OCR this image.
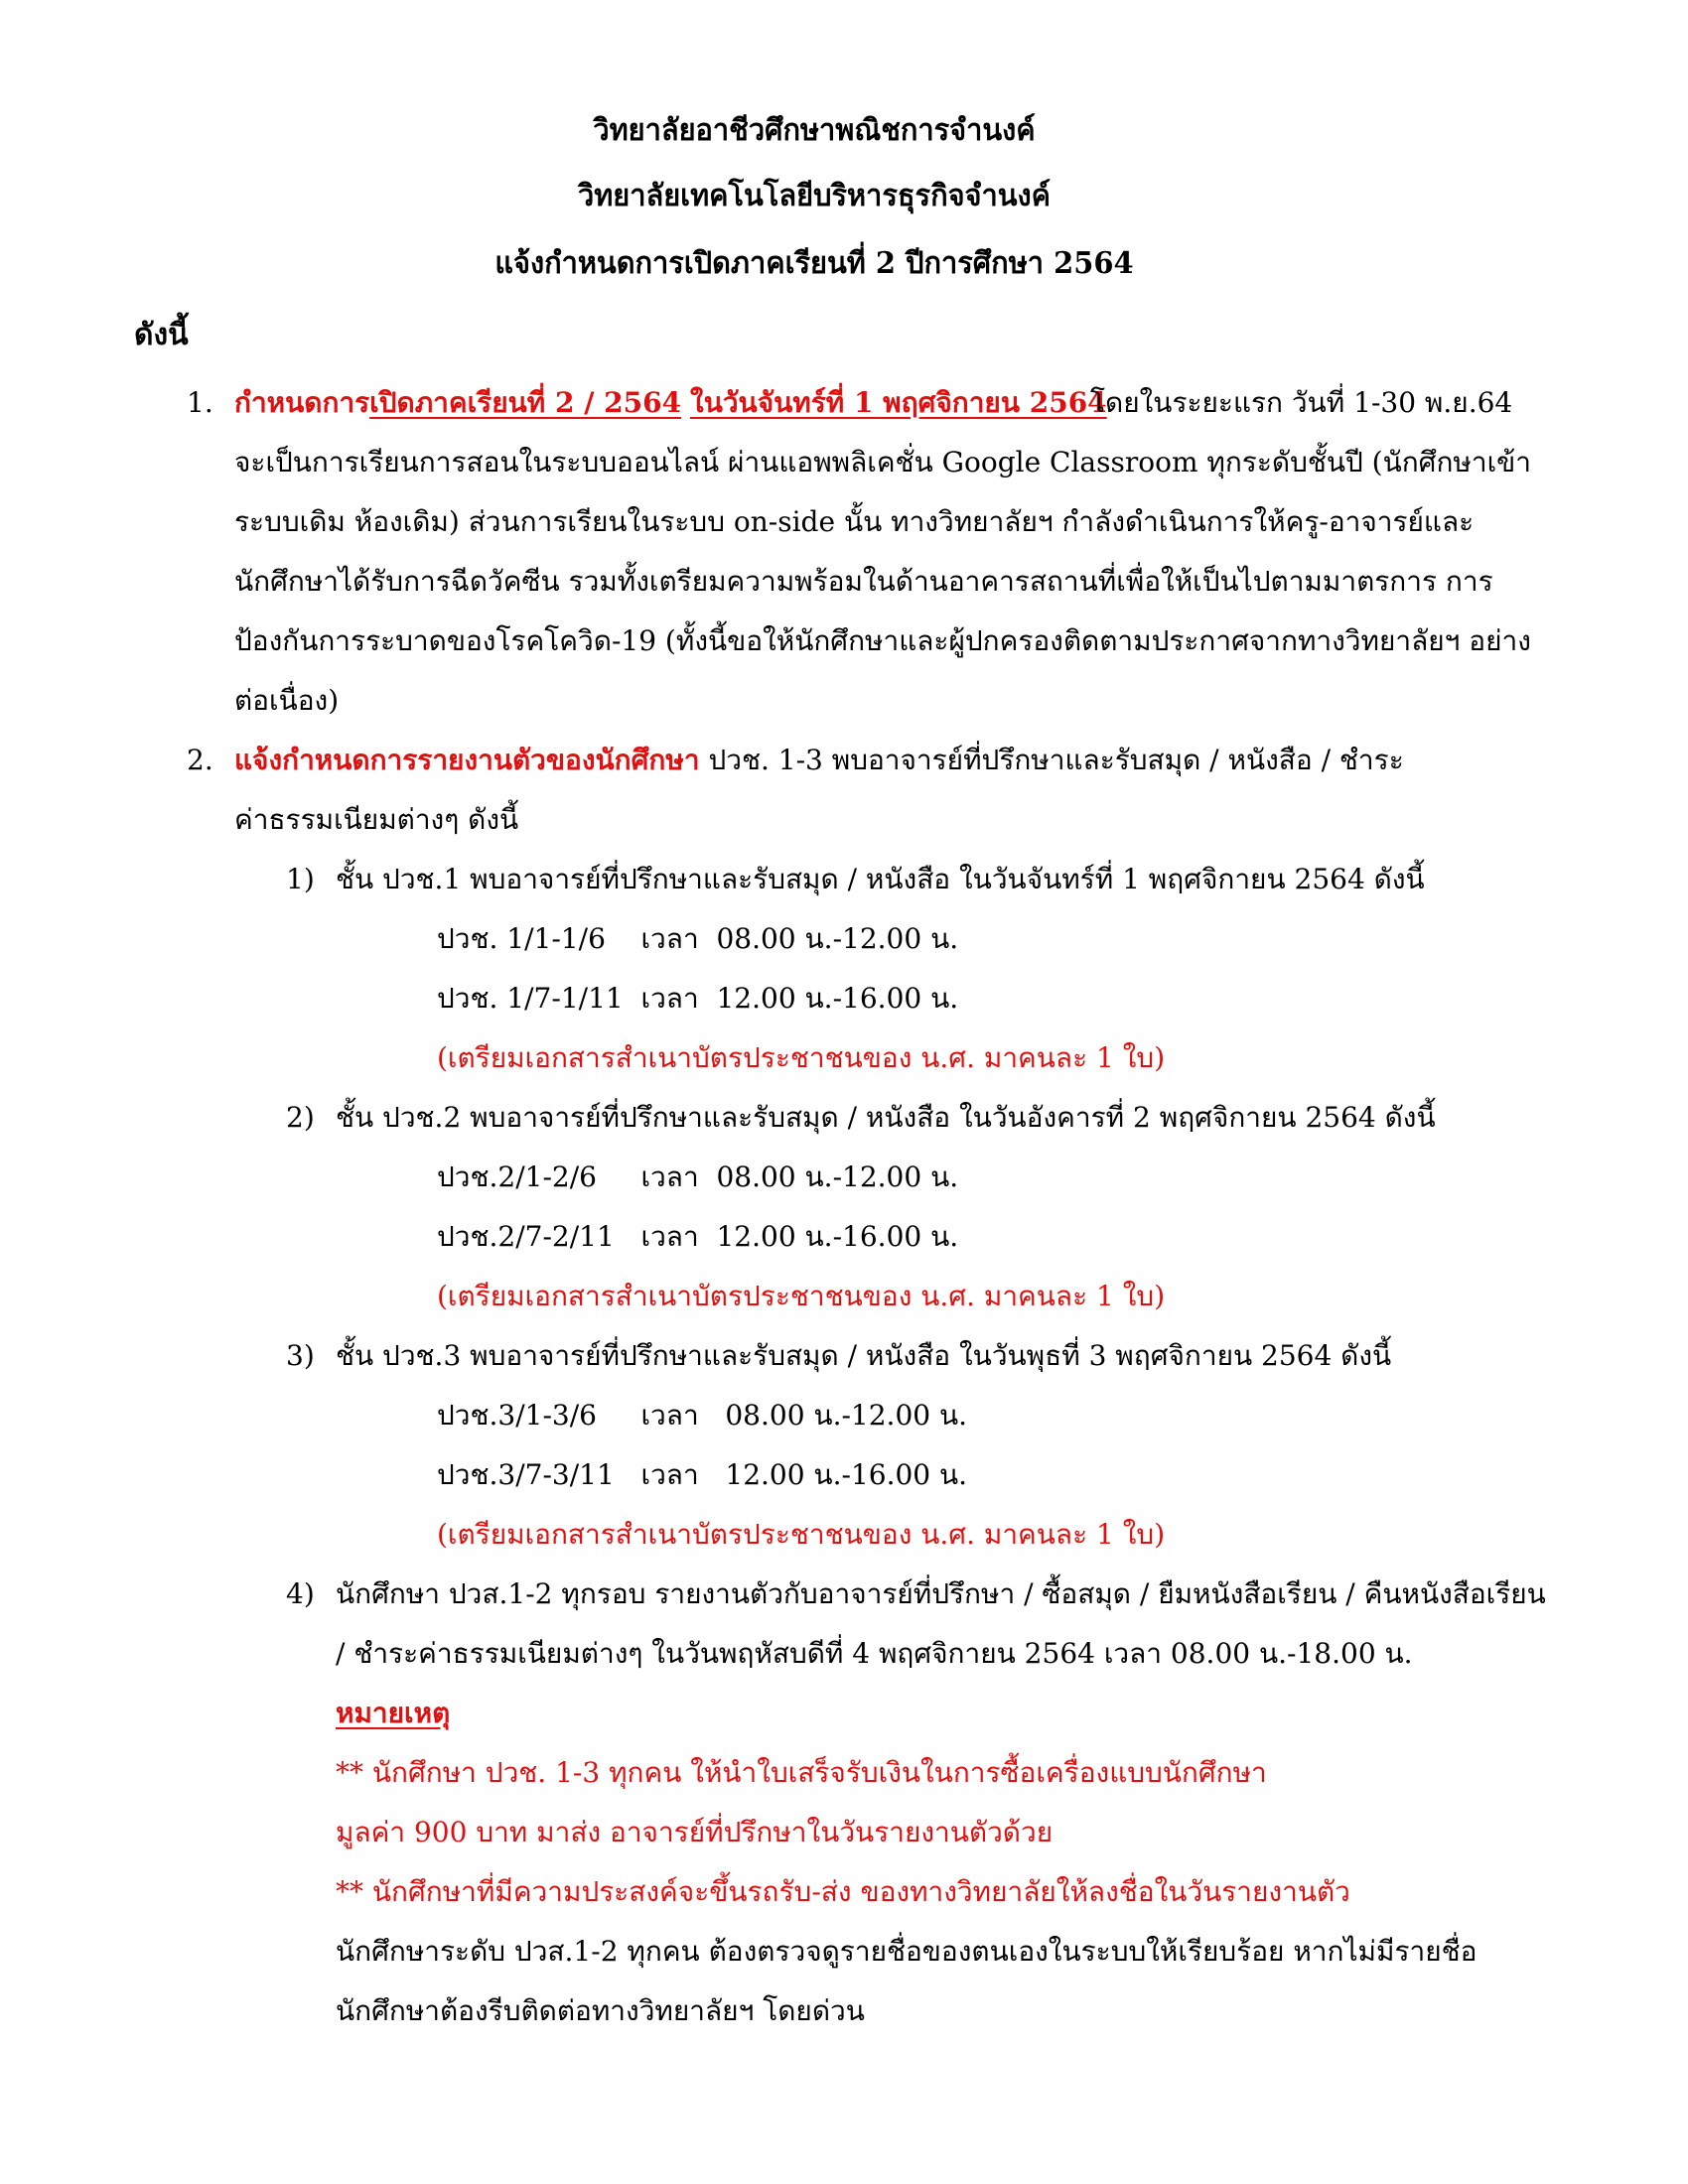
วิทยาลัยอาชีวศึกษาพณิชการจำนงค์
วิทยาลัยเทคโนโลยีบริหารธุรกิจจำนงค์
แจ้งกำหนดการเปิดภาคเรียนที่ 2 ปีการศึกษา 2564
ดังนี้
1. กำหนดการเปิดภาคเรียนที่ 2 / 2564 ในวันจันทร์ที่ 1 พฤศจิกายน 2564
โดยในระยะแรก วันที่ 1-30 พ.ย.64
จะเป็นการเรียนการสอนในระบบออนไลน์ ผ่านแอพพลิเคชั่น Google Classroom ทุกระดับชั้นปี (นักศึกษาเข้า
ระบบเดิม ห้องเดิม) ส่วนการเรียนในระบบ on-side นั้น ทางวิทยาลัยฯ กำลังดำเนินการให้ครู-อาจารย์และ
นักศึกษาได้รับการฉีดวัคซีน รวมทั้งเตรียมความพร้อมในด้านอาคารสถานที่เพื่อให้เป็นไปตามมาตรการ การ
ป้องกันการระบาดของโรคโควิด-19 (ทั้งนี้ขอให้นักศึกษาและผู้ปกครองติดตามประกาศจากทางวิทยาลัยฯ อย่าง
ต่อเนื่อง)
2. แจ้งกำหนดการรายงานตัวของนักศึกษา ปวช. 1-3 พบอาจารย์ที่ปรึกษาและรับสมุด / หนังสือ / ชำระ
ค่าธรรมเนียมต่างๆ ดังนี้
1) ชั้น ปวช.1 พบอาจารย์ที่ปรึกษาและรับสมุด / หนังสือ ในวันจันทร์ที่ 1 พฤศจิกายน 2564 ดังนี้
ปวช. 1/1-1/6    เวลา  08.00 น.-12.00 น.
ปวช. 1/7-1/11  เวลา  12.00 น.-16.00 น.
(เตรียมเอกสารสำเนาบัตรประชาชนของ น.ศ. มาคนละ 1 ใบ)
2) ชั้น ปวช.2 พบอาจารย์ที่ปรึกษาและรับสมุด / หนังสือ ในวันอังคารที่ 2 พฤศจิกายน 2564 ดังนี้
ปวช.2/1-2/6     เวลา  08.00 น.-12.00 น.
ปวช.2/7-2/11   เวลา  12.00 น.-16.00 น.
(เตรียมเอกสารสำเนาบัตรประชาชนของ น.ศ. มาคนละ 1 ใบ)
3) ชั้น ปวช.3 พบอาจารย์ที่ปรึกษาและรับสมุด / หนังสือ ในวันพุธที่ 3 พฤศจิกายน 2564 ดังนี้
ปวช.3/1-3/6     เวลา   08.00 น.-12.00 น.
ปวช.3/7-3/11   เวลา   12.00 น.-16.00 น.
(เตรียมเอกสารสำเนาบัตรประชาชนของ น.ศ. มาคนละ 1 ใบ)
4) นักศึกษา ปวส.1-2 ทุกรอบ รายงานตัวกับอาจารย์ที่ปรึกษา / ซื้อสมุด / ยืมหนังสือเรียน / คืนหนังสือเรียน
/ ชำระค่าธรรมเนียมต่างๆ ในวันพฤหัสบดีที่ 4 พฤศจิกายน 2564 เวลา 08.00 น.-18.00 น.
หมายเหตุ
** นักศึกษา ปวช. 1-3 ทุกคน ให้นำใบเสร็จรับเงินในการซื้อเครื่องแบบนักศึกษา
มูลค่า 900 บาท มาส่ง อาจารย์ที่ปรึกษาในวันรายงานตัวด้วย
** นักศึกษาที่มีความประสงค์จะขึ้นรถรับ-ส่ง ของทางวิทยาลัยให้ลงชื่อในวันรายงานตัว
นักศึกษาระดับ ปวส.1-2 ทุกคน ต้องตรวจดูรายชื่อของตนเองในระบบให้เรียบร้อย หากไม่มีรายชื่อ
นักศึกษาต้องรีบติดต่อทางวิทยาลัยฯ โดยด่วน
